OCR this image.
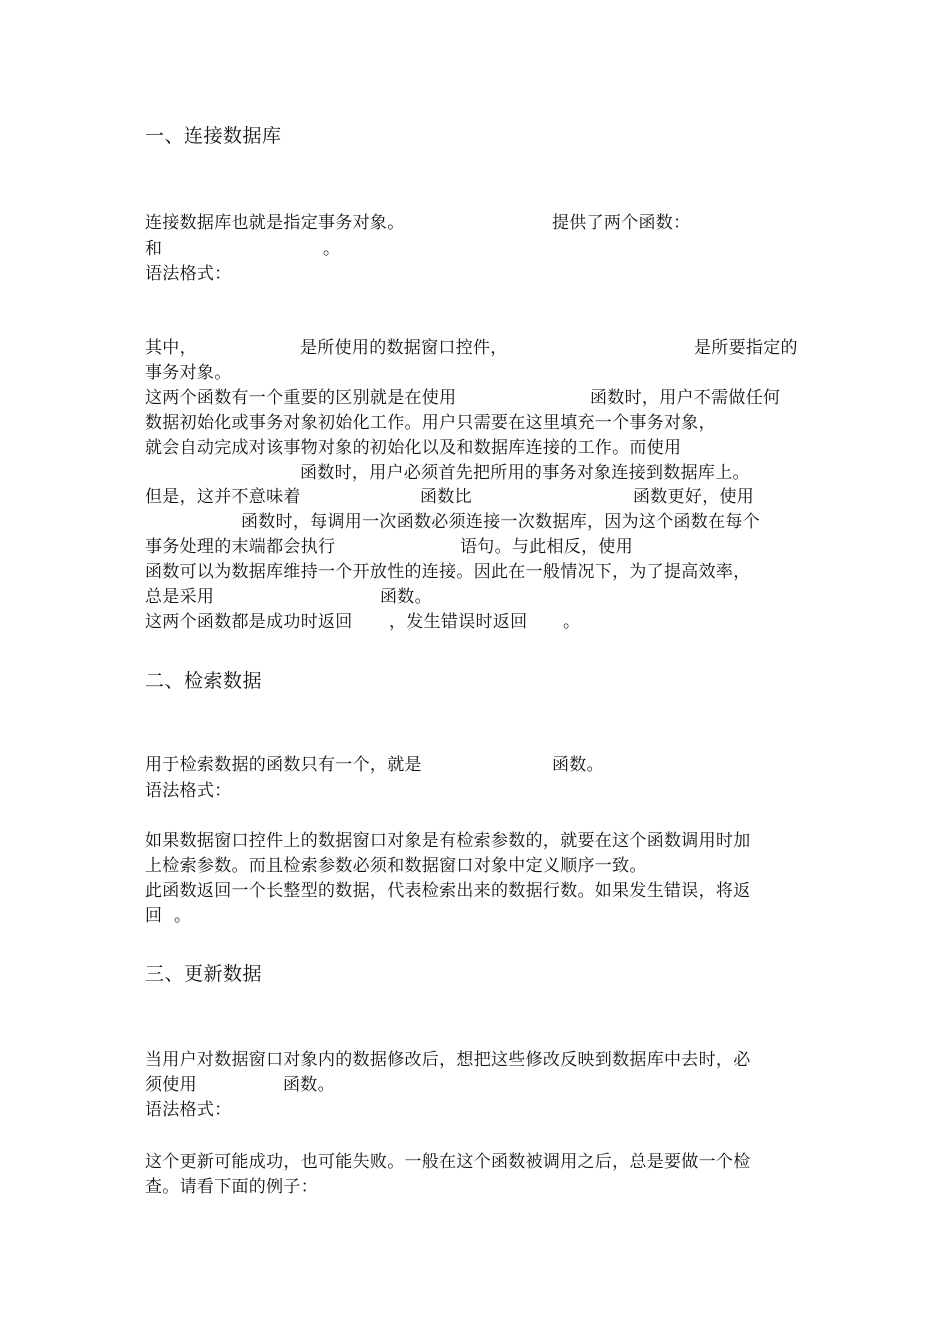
一、连接数据库
连接数据库也就是指定事务对象。	提供了两个函数：
和	。
语法格式：
其中，	是所使用的数据窗口控件，	是所要指定的
事务对象。
这两个函数有一个重要的区别就是在使用	函数时，用户不需做任何
数据初始化或事务对象初始化工作。用户只需要在这里填充一个事务对象，
就会自动完成对该事物对象的初始化以及和数据库连接的工作。而使用
函数时，用户必须首先把所用的事务对象连接到数据库上。
但是，这并不意味着	函数比	函数更好，使用
函数时，每调用一次函数必须连接一次数据库，因为这个函数在每个
事务处理的末端都会执行	语句。与此相反，使用
函数可以为数据库维持一个开放性的连接。因此在一般情况下，为了提高效率，
总是采用	函数。
这两个函数都是成功时返回 ，发生错误时返回 。
二、检索数据
用于检索数据的函数只有一个，就是	函数。
语法格式：
如果数据窗口控件上的数据窗口对象是有检索参数的，就要在这个函数调用时加
上检索参数。而且检索参数必须和数据窗口对象中定义顺序一致。
此函数返回一个长整型的数据，代表检索出来的数据行数。如果发生错误，将返
回 。
三、更新数据
当用户对数据窗口对象内的数据修改后，想把这些修改反映到数据库中去时，必
须使用	函数。
语法格式：
这个更新可能成功，也可能失败。一般在这个函数被调用之后，总是要做一个检
查。请看下面的例子：
